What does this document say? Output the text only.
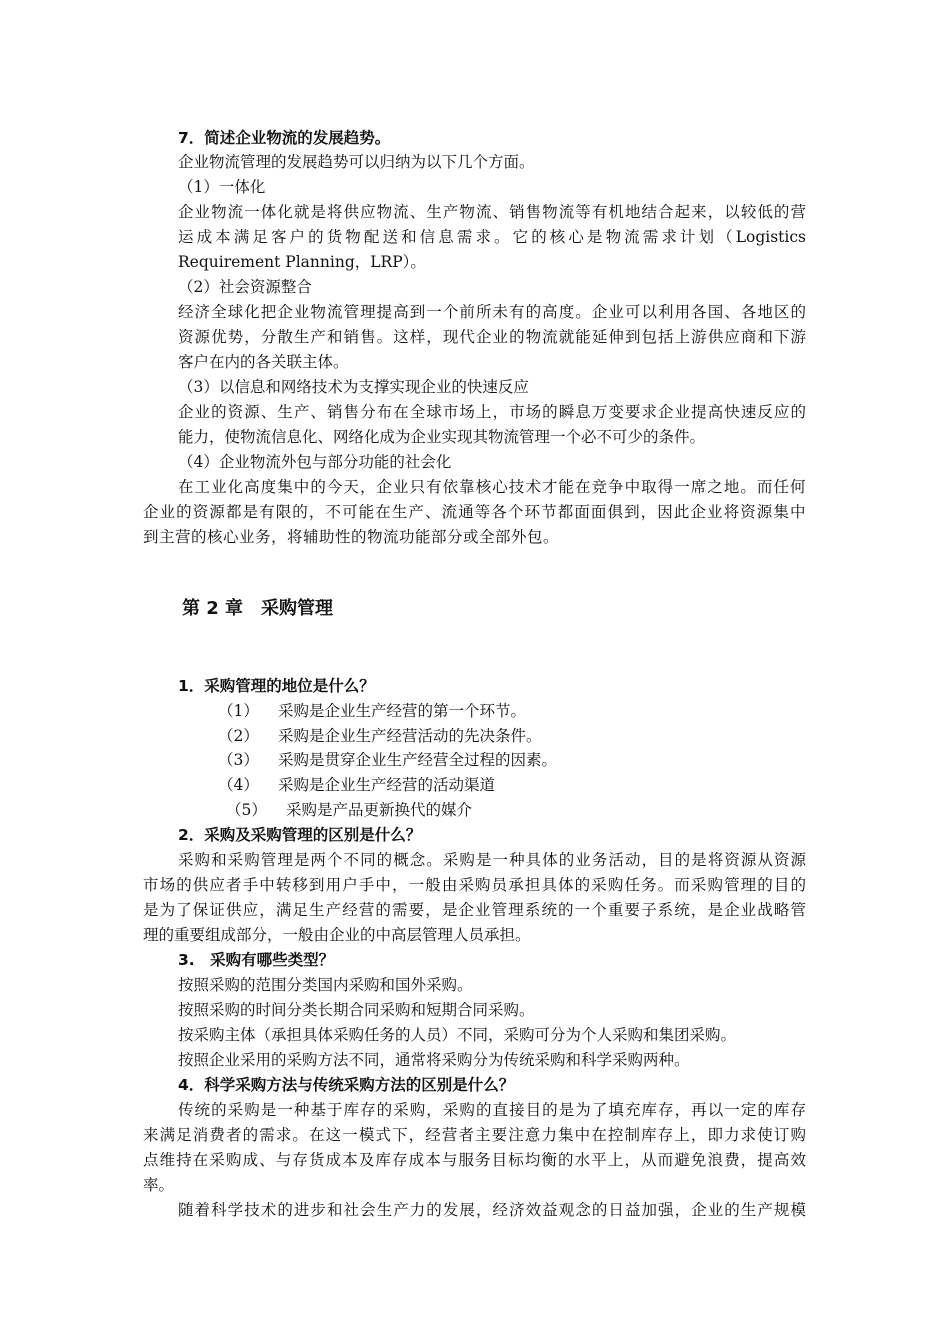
7．简述企业物流的发展趋势。
企业物流管理的发展趋势可以归纳为以下几个方面。
（1）一体化
企业物流一体化就是将供应物流、生产物流、销售物流等有机地结合起来，以较低的营
运成本满足客户的货物配送和信息需求。它的核心是物流需求计划（Logistics
Requirement Planning，LRP）。
（2）社会资源整合
经济全球化把企业物流管理提高到一个前所未有的高度。企业可以利用各国、各地区的
资源优势，分散生产和销售。这样，现代企业的物流就能延伸到包括上游供应商和下游
客户在内的各关联主体。
（3）以信息和网络技术为支撑实现企业的快速反应
企业的资源、生产、销售分布在全球市场上，市场的瞬息万变要求企业提高快速反应的
能力，使物流信息化、网络化成为企业实现其物流管理一个必不可少的条件。
（4）企业物流外包与部分功能的社会化
在工业化高度集中的今天，企业只有依靠核心技术才能在竞争中取得一席之地。而任何
企业的资源都是有限的，不可能在生产、流通等各个环节都面面俱到，因此企业将资源集中
到主营的核心业务，将辅助性的物流功能部分或全部外包。
第 2 章　采购管理
1．采购管理的地位是什么？
（1） 采购是企业生产经营的第一个环节。
（2） 采购是企业生产经营活动的先决条件。
（3） 采购是贯穿企业生产经营全过程的因素。
（4） 采购是企业生产经营的活动渠道
（5） 采购是产品更新换代的媒介
2．采购及采购管理的区别是什么？
采购和采购管理是两个不同的概念。采购是一种具体的业务活动，目的是将资源从资源
市场的供应者手中转移到用户手中，一般由采购员承担具体的采购任务。而采购管理的目的
是为了保证供应，满足生产经营的需要，是企业管理系统的一个重要子系统，是企业战略管
理的重要组成部分，一般由企业的中高层管理人员承担。
3.　采购有哪些类型？
按照采购的范围分类国内采购和国外采购。
按照采购的时间分类长期合同采购和短期合同采购。
按采购主体（承担具体采购任务的人员）不同，采购可分为个人采购和集团采购。
按照企业采用的采购方法不同，通常将采购分为传统采购和科学采购两种。
4．科学采购方法与传统采购方法的区别是什么？
传统的采购是一种基于库存的采购，采购的直接目的是为了填充库存，再以一定的库存
来满足消费者的需求。在这一模式下，经营者主要注意力集中在控制库存上，即力求使订购
点维持在采购成、与存货成本及库存成本与服务目标均衡的水平上，从而避免浪费，提高效
率。
随着科学技术的进步和社会生产力的发展，经济效益观念的日益加强，企业的生产规模
